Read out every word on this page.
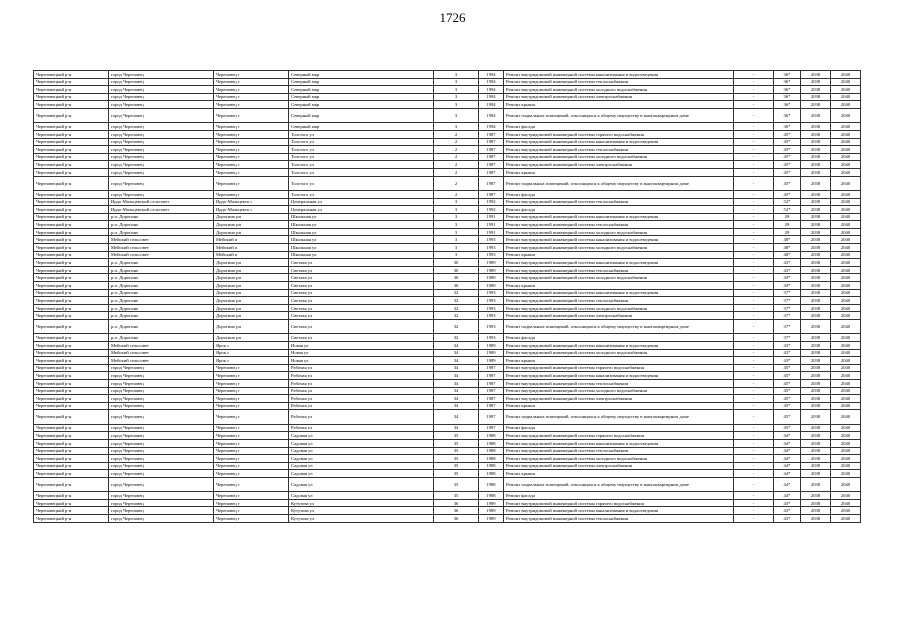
1726
Череповецкий р-н	город Череповец	Череповец г	Северный мкр	3	1994	Ремонт внутридомовой инженерной системы канализования и водоотведения	-	36*	2038	2040
Череповецкий р-н	город Череповец	Череповец г	Северный мкр	3	1994	Ремонт внутридомовой инженерной системы теплоснабжения	-	36*	2038	2040
Череповецкий р-н	город Череповец	Череповец г	Северный мкр	3	1994	Ремонт внутридомовой инженерной системы холодного водоснабжения	-	36*	2038	2040
Череповецкий р-н	город Череповец	Череповец г	Северный мкр	3	1994	Ремонт внутридомовой инженерной системы электроснабжения	-	36*	2038	2040
Череповецкий р-н	город Череповец	Череповец г	Северный мкр	3	1994	Ремонт крыши	-	36*	2038	2040
Череповецкий р-н	город Череповец	Череповец г	Северный мкр	3	1994	Ремонт подвальных помещений, относящихся к общему имуществу в многоквартирном доме	-	36*	2038	2040
Череповецкий р-н	город Череповец	Череповец г	Северный мкр	3	1994	Ремонт фасада	-	36*	2038	2040
Череповецкий р-н	город Череповец	Череповец г	Толстого ул	2	1987	Ремонт внутридомовой инженерной системы горячего водоснабжения	-	45*	2038	2040
Череповецкий р-н	город Череповец	Череповец г	Толстого ул	2	1987	Ремонт внутридомовой инженерной системы канализования и водоотведения	-	45*	2038	2040
Череповецкий р-н	город Череповец	Череповец г	Толстого ул	2	1987	Ремонт внутридомовой инженерной системы теплоснабжения	-	45*	2038	2040
Череповецкий р-н	город Череповец	Череповец г	Толстого ул	2	1987	Ремонт внутридомовой инженерной системы холодного водоснабжения	-	45*	2038	2040
Череповецкий р-н	город Череповец	Череповец г	Толстого ул	2	1987	Ремонт внутридомовой инженерной системы электроснабжения	-	45*	2038	2040
Череповецкий р-н	город Череповец	Череповец г	Толстого ул	2	1987	Ремонт крыши	-	45*	2038	2040
Череповецкий р-н	город Череповец	Череповец г	Толстого ул	2	1987	Ремонт подвальных помещений, относящихся к общему имуществу в многоквартирном доме	-	45*	2038	2040
Череповецкий р-н	город Череповец	Череповец г	Толстого ул	2	1987	Ремонт фасада	-	45*	2038	2040
Череповецкий р-н	Ирдо-Мальцевский сельсовет	Ирдо-Мальцевск с	Центральная ул	3	1992	Ремонт внутридомовой инженерной системы теплоснабжения	-	52*	2038	2040
Череповецкий р-н	Ирдо-Мальцевский сельсовет	Ирдо-Мальцевск с	Центральная ул	3	1992	Ремонт фасада	-	52*	2038	2040
Череповецкий р-н	р.п. Дорогино	Дорогино рп	Школьная ул	3	1991	Ремонт внутридомовой инженерной системы канализования и водоотведения	-	29	2038	2040
Череповецкий р-н	р.п. Дорогино	Дорогино рп	Школьная ул	3	1991	Ремонт внутридомовой инженерной системы теплоснабжения	-	29	2038	2040
Череповецкий р-н	р.п. Дорогино	Дорогино рп	Школьная ул	3	1991	Ремонт внутридомовой инженерной системы холодного водоснабжения	-	29	2038	2040
Череповецкий р-н	Мейский сельсовет	Мейский п	Школьная ул	3	1993	Ремонт внутридомовой инженерной системы канализования и водоотведения	-	48*	2038	2040
Череповецкий р-н	Мейский сельсовет	Мейский п	Школьная ул	3	1993	Ремонт внутридомовой инженерной системы холодного водоснабжения	-	48*	2038	2040
Череповецкий р-н	Мейский сельсовет	Мейский п	Школьная ул	3	1993	Ремонт крыши	-	48*	2038	2040
Череповецкий р-н	р.п. Дорогино	Дорогино рп	Светлая ул	30	1989	Ремонт внутридомовой инженерной системы канализования и водоотведения	-	43*	2038	2040
Череповецкий р-н	р.п. Дорогино	Дорогино рп	Светлая ул	30	1989	Ремонт внутридомовой инженерной системы теплоснабжения	-	43*	2038	2040
Череповецкий р-н	р.п. Дорогино	Дорогино рп	Светлая ул	30	1989	Ремонт внутридомовой инженерной системы холодного водоснабжения	-	43*	2038	2040
Череповецкий р-н	р.п. Дорогино	Дорогино рп	Светлая ул	30	1989	Ремонт крыши	-	43*	2038	2040
Череповецкий р-н	р.п. Дорогино	Дорогино рп	Светлая ул	32	1993	Ремонт внутридомовой инженерной системы канализования и водоотведения	-	37*	2038	2040
Череповецкий р-н	р.п. Дорогино	Дорогино рп	Светлая ул	32	1993	Ремонт внутридомовой инженерной системы теплоснабжения	-	37*	2038	2040
Череповецкий р-н	р.п. Дорогино	Дорогино рп	Светлая ул	32	1993	Ремонт внутридомовой инженерной системы холодного водоснабжения	-	37*	2038	2040
Череповецкий р-н	р.п. Дорогино	Дорогино рп	Светлая ул	32	1993	Ремонт внутридомовой инженерной системы электроснабжения	-	37*	2038	2040
Череповецкий р-н	р.п. Дорогино	Дорогино рп	Светлая ул	32	1993	Ремонт подвальных помещений, относящихся к общему имуществу в многоквартирном доме	-	37*	2038	2040
Череповецкий р-н	р.п. Дорогино	Дорогино рп	Светлая ул	32	1993	Ремонт фасада	-	37*	2038	2040
Череповецкий р-н	Мейский сельсовет	Ярок с	Новая ул	34	1989	Ремонт внутридомовой инженерной системы канализования и водоотведения	-	43*	2038	2040
Череповецкий р-н	Мейский сельсовет	Ярок с	Новая ул	34	1989	Ремонт внутридомовой инженерной системы холодного водоснабжения	-	43*	2038	2040
Череповецкий р-н	Мейский сельсовет	Ярок с	Новая ул	34	1989	Ремонт крыши	-	43*	2038	2040
Череповецкий р-н	город Череповец	Череповец г	Рабочая ул	34	1987	Ремонт внутридомовой инженерной системы горячего водоснабжения	-	45*	2038	2040
Череповецкий р-н	город Череповец	Череповец г	Рабочая ул	34	1987	Ремонт внутридомовой инженерной системы канализования и водоотведения	-	45*	2038	2040
Череповецкий р-н	город Череповец	Череповец г	Рабочая ул	34	1987	Ремонт внутридомовой инженерной системы теплоснабжения	-	45*	2038	2040
Череповецкий р-н	город Череповец	Череповец г	Рабочая ул	34	1987	Ремонт внутридомовой инженерной системы холодного водоснабжения	-	45*	2038	2040
Череповецкий р-н	город Череповец	Череповец г	Рабочая ул	34	1987	Ремонт внутридомовой инженерной системы электроснабжения	-	45*	2038	2040
Череповецкий р-н	город Череповец	Череповец г	Рабочая ул	34	1987	Ремонт крыши	-	45*	2038	2040
Череповецкий р-н	город Череповец	Череповец г	Рабочая ул	34	1987	Ремонт подвальных помещений, относящихся к общему имуществу в многоквартирном доме	-	45*	2038	2040
Череповецкий р-н	город Череповец	Череповец г	Рабочая ул	34	1987	Ремонт фасада	-	45*	2038	2040
Череповецкий р-н	город Череповец	Череповец г	Садовая ул	35	1988	Ремонт внутридомовой инженерной системы горячего водоснабжения	-	44*	2038	2040
Череповецкий р-н	город Череповец	Череповец г	Садовая ул	35	1988	Ремонт внутридомовой инженерной системы канализования и водоотведения	-	44*	2038	2040
Череповецкий р-н	город Череповец	Череповец г	Садовая ул	35	1988	Ремонт внутридомовой инженерной системы теплоснабжения	-	44*	2038	2040
Череповецкий р-н	город Череповец	Череповец г	Садовая ул	35	1988	Ремонт внутридомовой инженерной системы холодного водоснабжения	-	44*	2038	2040
Череповецкий р-н	город Череповец	Череповец г	Садовая ул	35	1988	Ремонт внутридомовой инженерной системы электроснабжения	-	44*	2038	2040
Череповецкий р-н	город Череповец	Череповец г	Садовая ул	35	1988	Ремонт крыши	-	44*	2038	2040
Череповецкий р-н	город Череповец	Череповец г	Садовая ул	35	1988	Ремонт подвальных помещений, относящихся к общему имуществу в многоквартирном доме	-	44*	2038	2040
Череповецкий р-н	город Череповец	Череповец г	Садовая ул	35	1988	Ремонт фасада	-	44*	2038	2040
Череповецкий р-н	город Череповец	Череповец г	Кутузова ул	36	1989	Ремонт внутридомовой инженерной системы горячего водоснабжения	-	43*	2038	2040
Череповецкий р-н	город Череповец	Череповец г	Кутузова ул	36	1989	Ремонт внутридомовой инженерной системы канализования и водоотведения	-	43*	2038	2040
Череповецкий р-н	город Череповец	Череповец г	Кутузова ул	36	1989	Ремонт внутридомовой инженерной системы теплоснабжения	-	43*	2038	2040
